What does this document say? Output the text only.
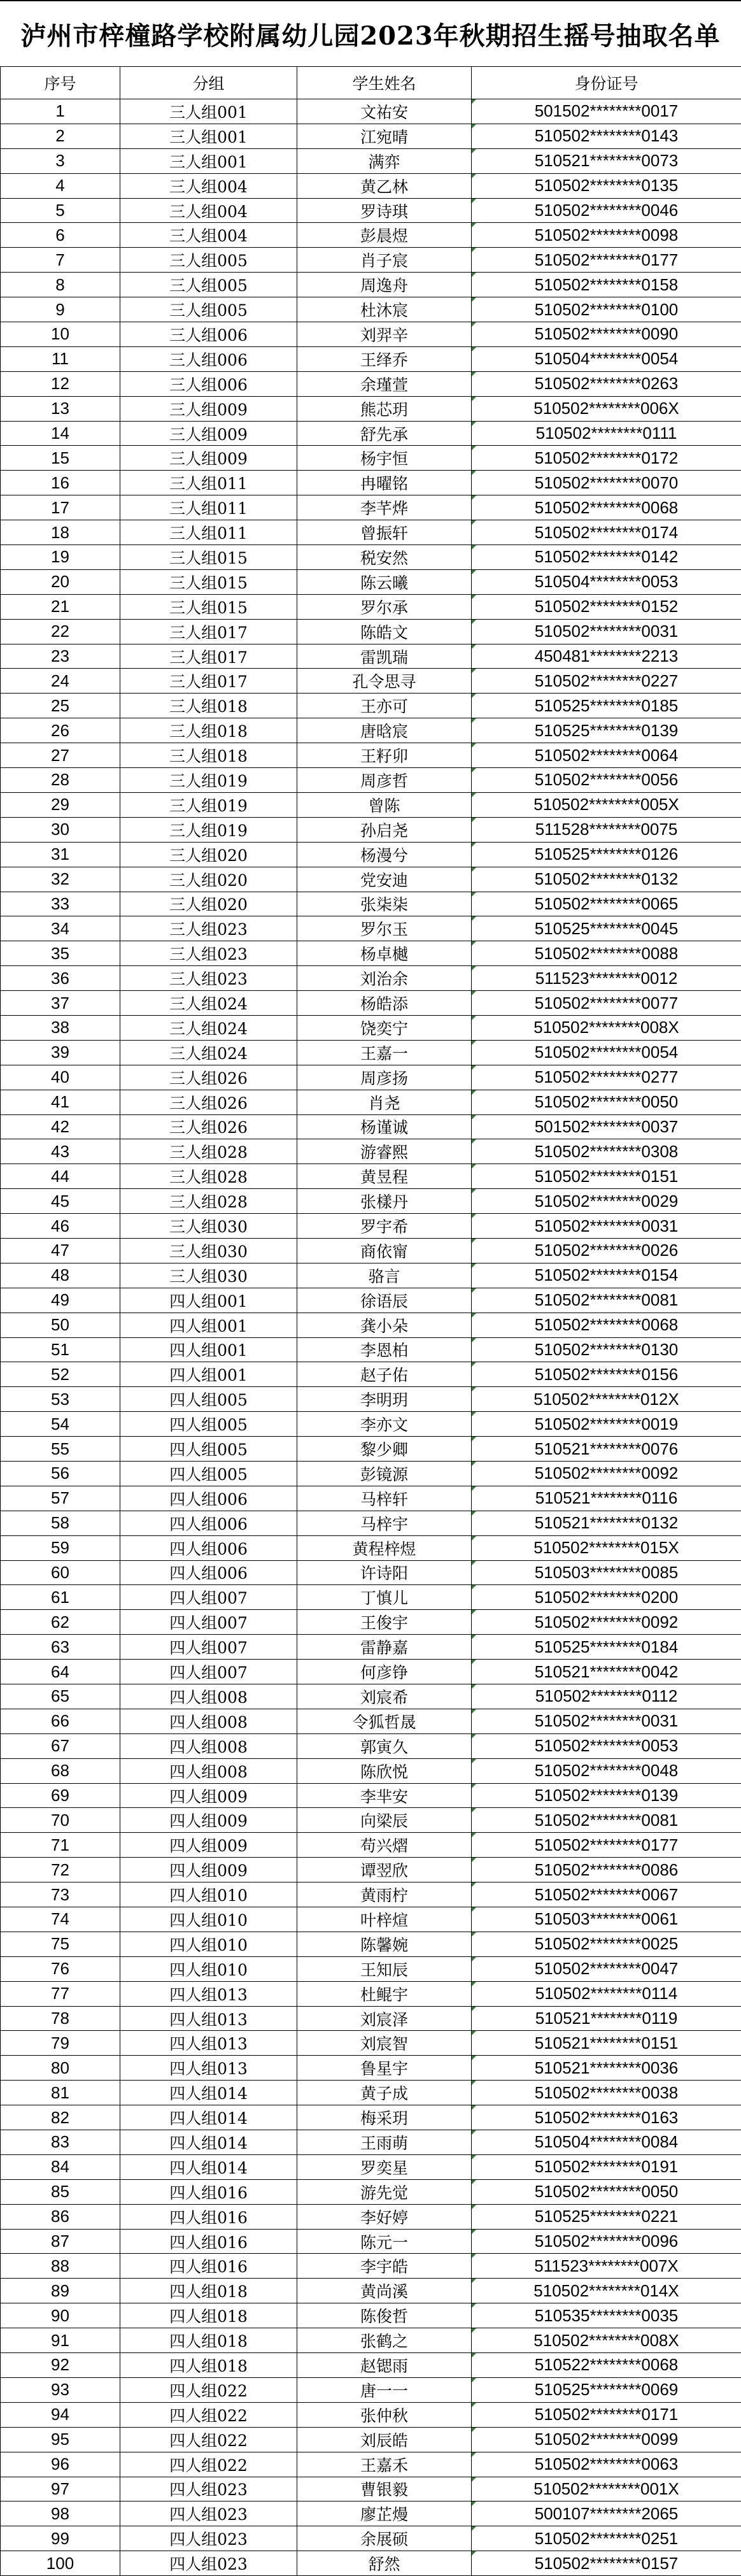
泸州市梓橦路学校附属幼儿园2023年秋期招生摇号抽取名单
序号	分组	学生姓名	身份证号
1	三人组001	文祐安	501502********0017
2	三人组001	江宛晴	510502********0143
3	三人组001	满弈	510521********0073
4	三人组004	黄乙林	510502********0135
5	三人组004	罗诗琪	510502********0046
6	三人组004	彭晨煜	510502********0098
7	三人组005	肖子宸	510502********0177
8	三人组005	周逸舟	510502********0158
9	三人组005	杜沐宸	510502********0100
10	三人组006	刘羿辛	510502********0090
11	三人组006	王绎乔	510504********0054
12	三人组006	余瑾萱	510502********0263
13	三人组009	熊芯玥	510502********006X
14	三人组009	舒先承	510502********0111
15	三人组009	杨宇恒	510502********0172
16	三人组011	冉曜铭	510502********0070
17	三人组011	李芊烨	510502********0068
18	三人组011	曾振轩	510502********0174
19	三人组015	税安然	510502********0142
20	三人组015	陈云曦	510504********0053
21	三人组015	罗尔承	510502********0152
22	三人组017	陈皓文	510502********0031
23	三人组017	雷凯瑞	450481********2213
24	三人组017	孔令思寻	510502********0227
25	三人组018	王亦可	510525********0185
26	三人组018	唐晗宸	510525********0139
27	三人组018	王籽卯	510502********0064
28	三人组019	周彦哲	510502********0056
29	三人组019	曾陈	510502********005X
30	三人组019	孙启尧	511528********0075
31	三人组020	杨漫兮	510525********0126
32	三人组020	党安迪	510502********0132
33	三人组020	张柒柒	510502********0065
34	三人组023	罗尔玉	510525********0045
35	三人组023	杨卓樾	510502********0088
36	三人组023	刘治余	511523********0012
37	三人组024	杨皓添	510502********0077
38	三人组024	饶奕宁	510502********008X
39	三人组024	王嘉一	510502********0054
40	三人组026	周彦扬	510502********0277
41	三人组026	肖尧	510502********0050
42	三人组026	杨谨诚	501502********0037
43	三人组028	游睿熙	510502********0308
44	三人组028	黄昱程	510502********0151
45	三人组028	张樣丹	510502********0029
46	三人组030	罗宇希	510502********0031
47	三人组030	商依甯	510502********0026
48	三人组030	骆言	510502********0154
49	四人组001	徐语辰	510502********0081
50	四人组001	龚小朵	510502********0068
51	四人组001	李恩柏	510502********0130
52	四人组001	赵子佑	510502********0156
53	四人组005	李明玥	510502********012X
54	四人组005	李亦文	510502********0019
55	四人组005	黎少卿	510521********0076
56	四人组005	彭镜源	510502********0092
57	四人组006	马梓轩	510521********0116
58	四人组006	马梓宇	510521********0132
59	四人组006	黄程梓煜	510502********015X
60	四人组006	许诗阳	510503********0085
61	四人组007	丁慎儿	510502********0200
62	四人组007	王俊宇	510502********0092
63	四人组007	雷静嘉	510525********0184
64	四人组007	何彦铮	510521********0042
65	四人组008	刘宸希	510502********0112
66	四人组008	令狐哲晟	510502********0031
67	四人组008	郭寅久	510502********0053
68	四人组008	陈欣悦	510502********0048
69	四人组009	李芈安	510502********0139
70	四人组009	向梁辰	510502********0081
71	四人组009	苟兴熠	510502********0177
72	四人组009	谭翌欣	510502********0086
73	四人组010	黄雨柠	510502********0067
74	四人组010	叶梓煊	510503********0061
75	四人组010	陈馨婉	510502********0025
76	四人组010	王知辰	510502********0047
77	四人组013	杜鲲宇	510502********0114
78	四人组013	刘宸泽	510521********0119
79	四人组013	刘宸智	510521********0151
80	四人组013	鲁星宇	510521********0036
81	四人组014	黄子成	510502********0038
82	四人组014	梅采玥	510502********0163
83	四人组014	王雨萌	510504********0084
84	四人组014	罗奕星	510502********0191
85	四人组016	游先觉	510502********0050
86	四人组016	李好婷	510525********0221
87	四人组016	陈元一	510502********0096
88	四人组016	李宇皓	511523********007X
89	四人组018	黄尚溪	510502********014X
90	四人组018	陈俊哲	510535********0035
91	四人组018	张鹤之	510502********008X
92	四人组018	赵锶雨	510522********0068
93	四人组022	唐一一	510525********0069
94	四人组022	张仲秋	510502********0171
95	四人组022	刘辰皓	510502********0099
96	四人组022	王嘉禾	510502********0063
97	四人组023	曹银毅	510502********001X
98	四人组023	廖芷熳	500107********2065
99	四人组023	余展硕	510502********0251
100	四人组023	舒然	510502********0157
